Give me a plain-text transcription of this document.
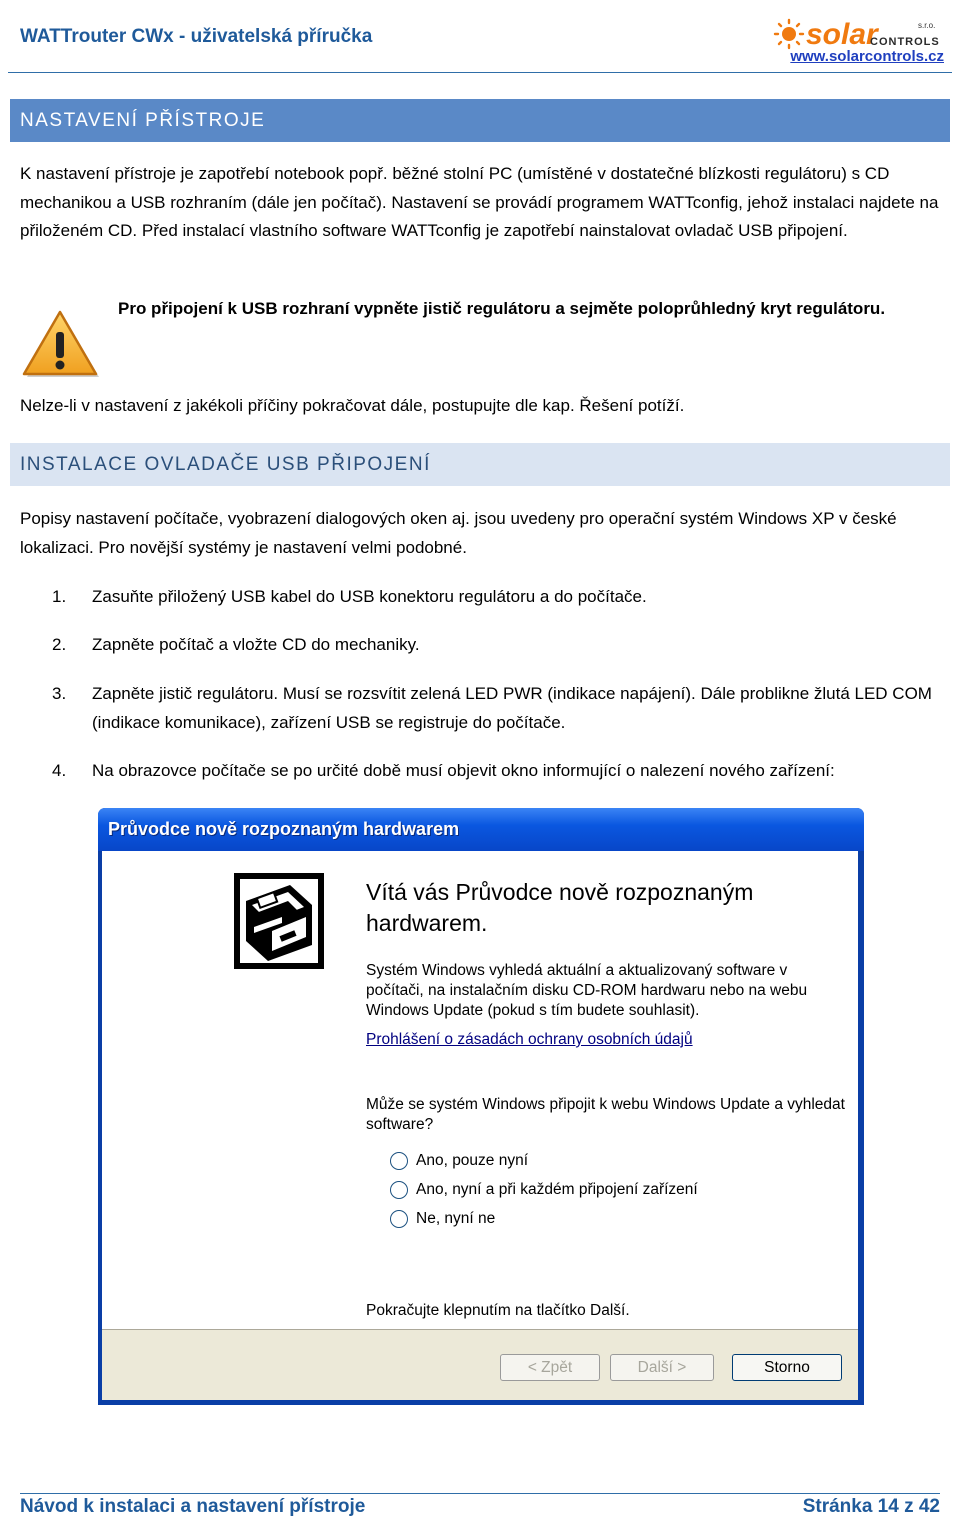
WATTrouter CWx - uživatelská příručka	solar	s.r.o.
CONTROLS
www.solarcontrols.cz
NASTAVENÍ PŘÍSTROJE
K nastavení přístroje je zapotřebí notebook popř. běžné stolní PC (umístěné v dostatečné blízkosti regulátoru) s CD mechanikou a USB rozhraním (dále jen počítač). Nastavení se provádí programem WATTconfig, jehož instalaci najdete na přiloženém CD. Před instalací vlastního software WATTconfig je zapotřebí nainstalovat ovladač USB připojení.
Pro připojení k USB rozhraní vypněte jistič regulátoru a sejměte poloprůhledný kryt regulátoru.
Nelze-li v nastavení z jakékoli příčiny pokračovat dále, postupujte dle kap. Řešení potíží.
INSTALACE OVLADAČE USB PŘIPOJENÍ
Popisy nastavení počítače, vyobrazení dialogových oken aj. jsou uvedeny pro operační systém Windows XP v české lokalizaci. Pro novější systémy je nastavení velmi podobné.
1. Zasuňte přiložený USB kabel do USB konektoru regulátoru a do počítače.
2. Zapněte počítač a vložte CD do mechaniky.
3. Zapněte jistič regulátoru. Musí se rozsvítit zelená LED PWR (indikace napájení). Dále problikne žlutá LED COM (indikace komunikace), zařízení USB se registruje do počítače.
4. Na obrazovce počítače se po určité době musí objevit okno informující o nalezení nového zařízení:
Průvodce nově rozpoznaným hardwarem
Vítá vás Průvodce nově rozpoznaným hardwarem.
Systém Windows vyhledá aktuální a aktualizovaný software v počítači, na instalačním disku CD-ROM hardwaru nebo na webu Windows Update (pokud s tím budete souhlasit).
Prohlášení o zásadách ochrany osobních údajů
Může se systém Windows připojit k webu Windows Update a vyhledat software?
Ano, pouze nyní
Ano, nyní a při každém připojení zařízení
Ne, nyní ne
Pokračujte klepnutím na tlačítko Další.
< Zpět	Další >	Storno
Návod k instalaci a nastavení přístroje	Stránka 14 z 42
